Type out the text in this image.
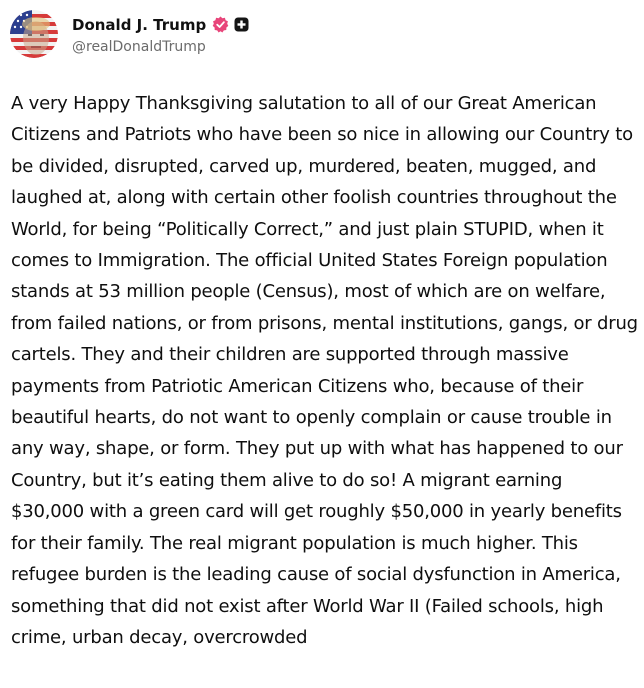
Donald J. Trump
@realDonaldTrump

A very Happy Thanksgiving salutation to all of our Great American Citizens and Patriots who have been so nice in allowing our Country to be divided, disrupted, carved up, murdered, beaten, mugged, and laughed at, along with certain other foolish countries throughout the World, for being “Politically Correct,” and just plain STUPID, when it comes to Immigration. The official United States Foreign population stands at 53 million people (Census), most of which are on welfare, from failed nations, or from prisons, mental institutions, gangs, or drug cartels. They and their children are supported through massive payments from Patriotic American Citizens who, because of their beautiful hearts, do not want to openly complain or cause trouble in any way, shape, or form. They put up with what has happened to our Country, but it’s eating them alive to do so! A migrant earning $30,000 with a green card will get roughly $50,000 in yearly benefits for their family. The real migrant population is much higher. This refugee burden is the leading cause of social dysfunction in America, something that did not exist after World War II (Failed schools, high crime, urban decay, overcrowded
